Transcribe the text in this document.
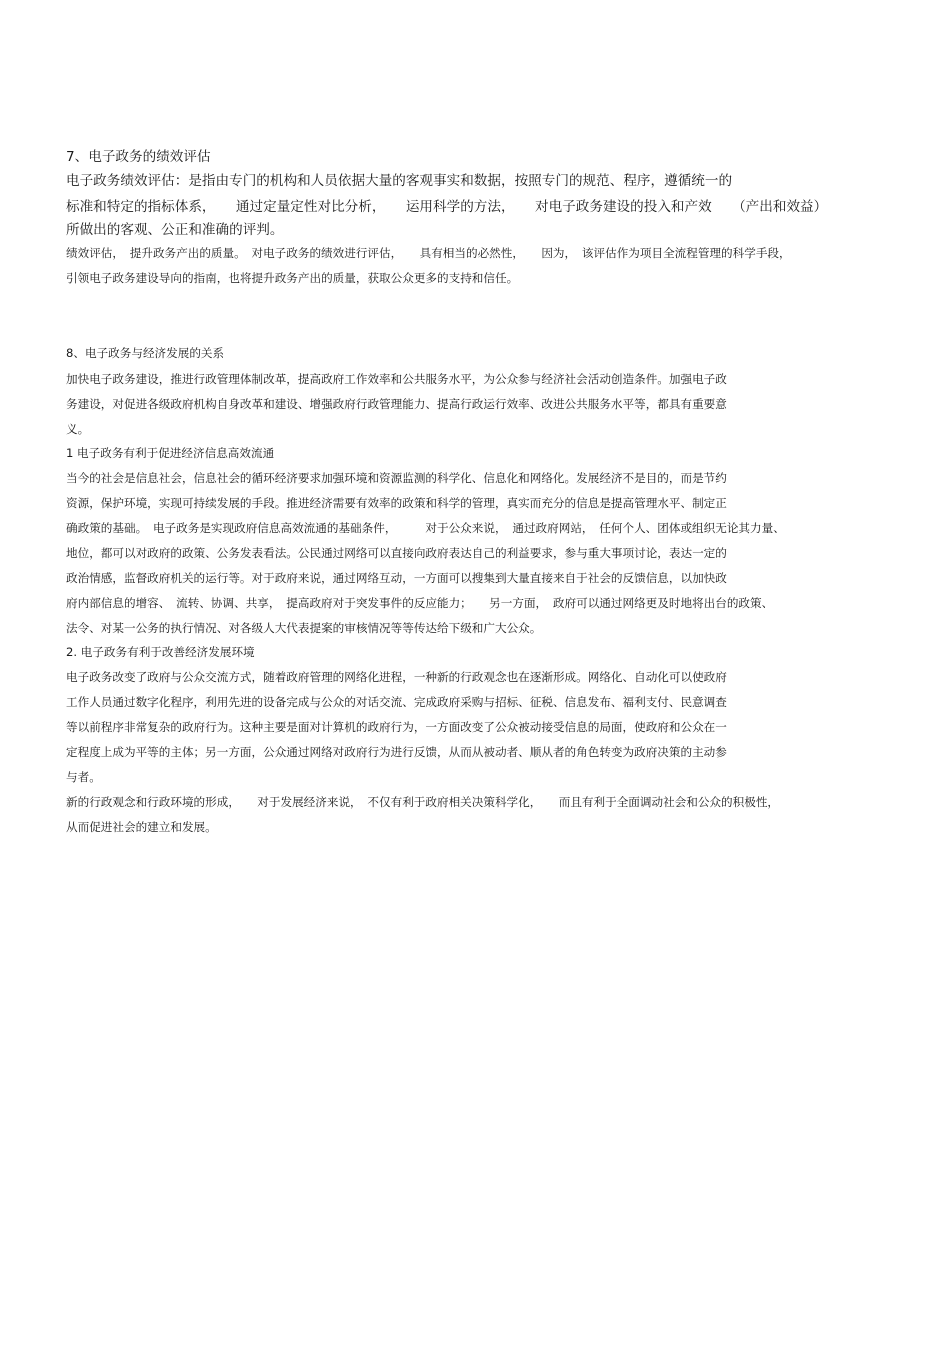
7、电子政务的绩效评估

电子政务绩效评估：是指由专门的机构和人员依据大量的客观事实和数据，按照专门的规范、程序，遵循统一的

标准和特定的指标体系，　　通过定量定性对比分析，　　运用科学的方法，　　对电子政务建设的投入和产效　　（产出和效益）

所做出的客观、公正和准确的评判。

绩效评估，　提升政务产出的质量。　对电子政务的绩效进行评估，　　具有相当的必然性，　　因为，　该评估作为项目全流程管理的科学手段，

引领电子政务建设导向的指南，也将提升政务产出的质量，获取公众更多的支持和信任。

8、电子政务与经济发展的关系

加快电子政务建设，推进行政管理体制改革，提高政府工作效率和公共服务水平，为公众参与经济社会活动创造条件。加强电子政

务建设，对促进各级政府机构自身改革和建设、增强政府行政管理能力、提高行政运行效率、改进公共服务水平等，都具有重要意

义。

1 电子政务有利于促进经济信息高效流通

当今的社会是信息社会，信息社会的循环经济要求加强环境和资源监测的科学化、信息化和网络化。发展经济不是目的，而是节约

资源，保护环境，实现可持续发展的手段。推进经济需要有效率的政策和科学的管理，真实而充分的信息是提高管理水平、制定正

确政策的基础。　电子政务是实现政府信息高效流通的基础条件，　　　对于公众来说，　通过政府网站，　任何个人、团体或组织无论其力量、

地位，都可以对政府的政策、公务发表看法。公民通过网络可以直接向政府表达自己的利益要求，参与重大事项讨论，表达一定的

政治情感，监督政府机关的运行等。对于政府来说，通过网络互动，一方面可以搜集到大量直接来自于社会的反馈信息，以加快政

府内部信息的增容、　流转、协调、共享，　提高政府对于突发事件的反应能力；　　另一方面，　政府可以通过网络更及时地将出台的政策、

法令、对某一公务的执行情况、对各级人大代表提案的审核情况等等传达给下级和广大公众。

2. 电子政务有利于改善经济发展环境

电子政务改变了政府与公众交流方式，随着政府管理的网络化进程，一种新的行政观念也在逐渐形成。网络化、自动化可以使政府

工作人员通过数字化程序，利用先进的设备完成与公众的对话交流、完成政府采购与招标、征税、信息发布、福利支付、民意调查

等以前程序非常复杂的政府行为。这种主要是面对计算机的政府行为，一方面改变了公众被动接受信息的局面，使政府和公众在一

定程度上成为平等的主体；另一方面，公众通过网络对政府行为进行反馈，从而从被动者、顺从者的角色转变为政府决策的主动参

与者。

新的行政观念和行政环境的形成，　　对于发展经济来说，　不仅有利于政府相关决策科学化，　　而且有利于全面调动社会和公众的积极性，

从而促进社会的建立和发展。
